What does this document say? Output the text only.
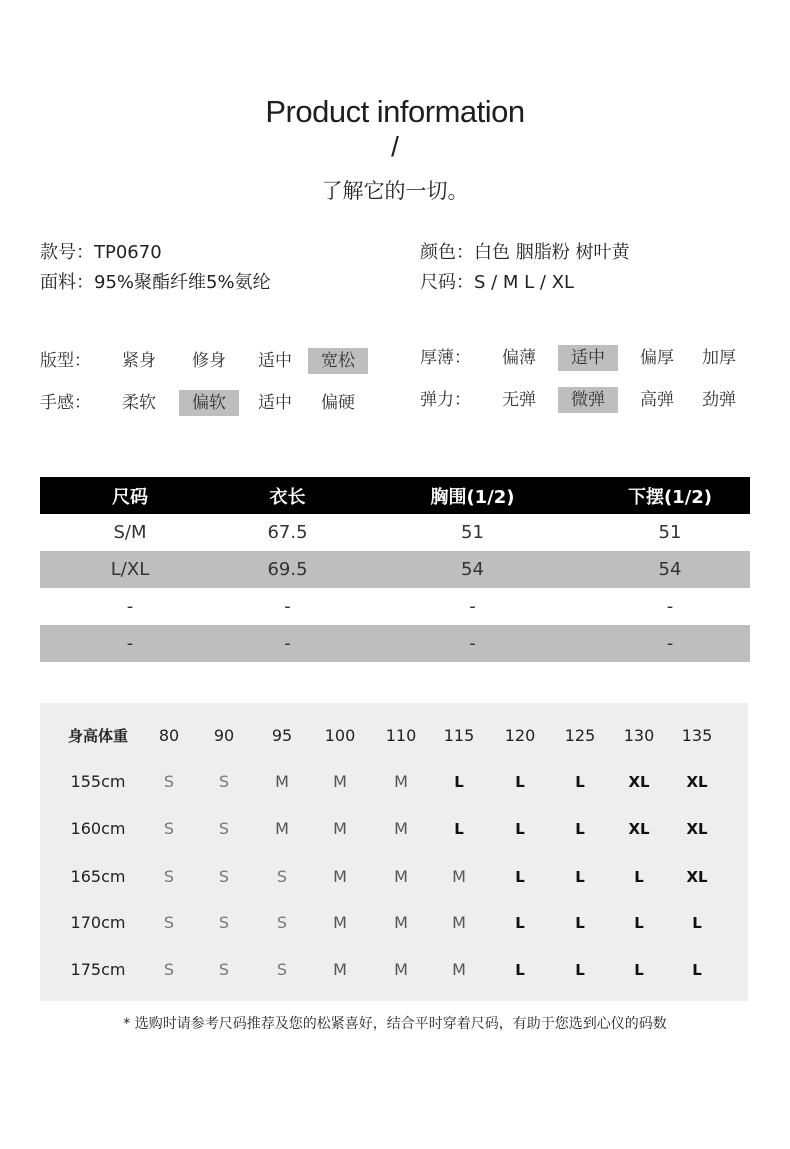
Product information
/
了解它的一切。
款号：TP0670
面料：95%聚酯纤维5%氨纶
颜色：白色 胭脂粉 树叶黄
尺码：S / M L / XL
版型： 紧身 修身 适中	宽松	厚薄： 偏薄	适中	偏厚 加厚
手感： 柔软	偏软	适中 偏硬	弹力： 无弹	微弹	高弹 劲弹
尺码	衣长	胸围(1/2)	下摆(1/2)
S/M	67.5	51	51
L/XL	69.5	54	54
-	-	-	-
-	-	-	-
身高体重 80 90 95 100 110 115 120 125 130 135
155cm S	S	M	M	M	L	L	L	XL XL
160cm S	S	M	M	M	L	L	L	XL XL
165cm S	S	S	M	M	M	L	L	L	XL
170cm S	S	S	M	M	M	L	L	L	L
175cm S	S	S	M	M	M	L	L	L	L
* 选购时请参考尺码推荐及您的松紧喜好，结合平时穿着尺码，有助于您选到心仪的码数
